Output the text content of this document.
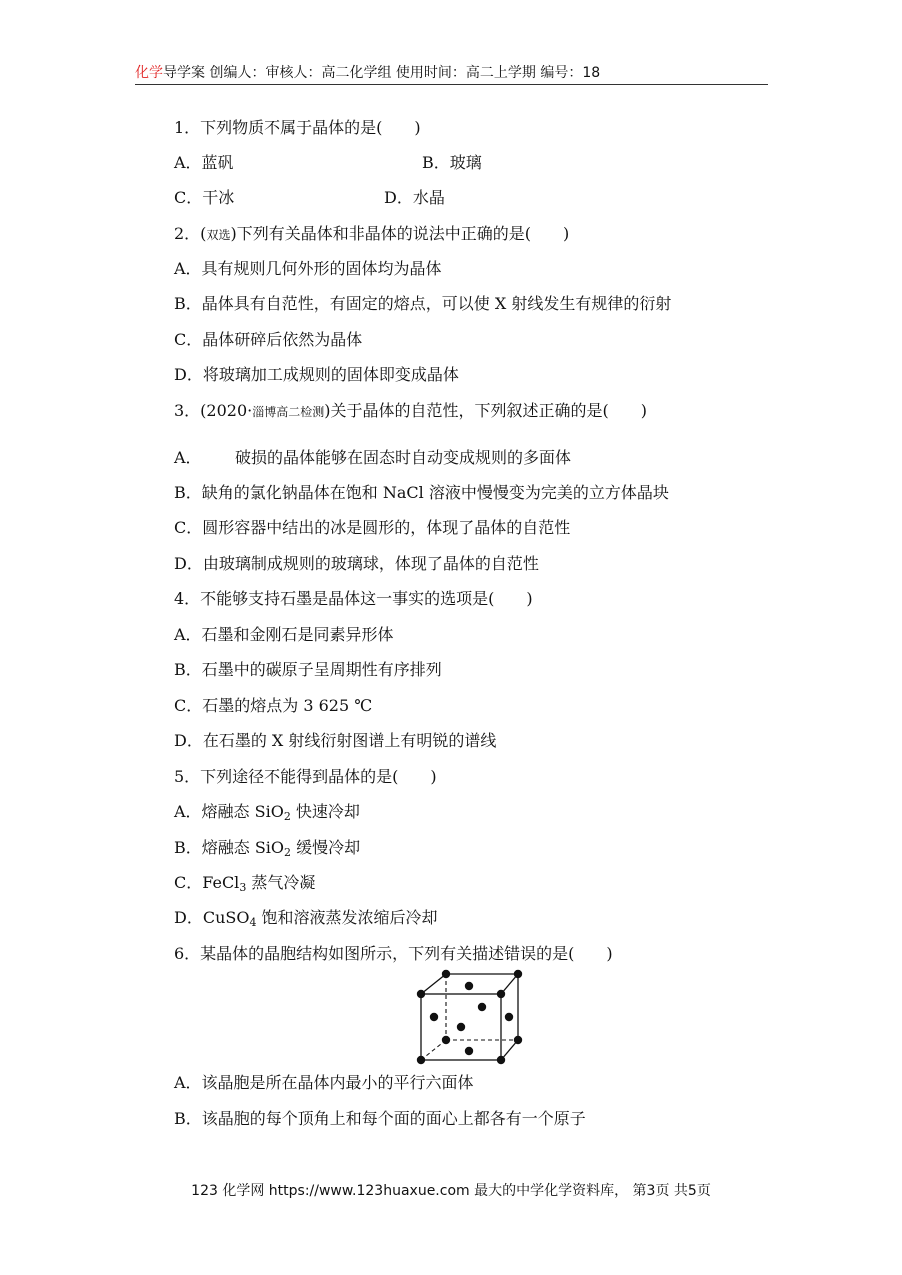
化学导学案 创编人：审核人：高二化学组 使用时间：高二上学期 编号：18
1．下列物质不属于晶体的是(　　)
A．蓝矾	B．玻璃
C．干冰	D．水晶
2．(双选)下列有关晶体和非晶体的说法中正确的是(　　)
A．具有规则几何外形的固体均为晶体
B．晶体具有自范性，有固定的熔点，可以使 X 射线发生有规律的衍射
C．晶体研碎后依然为晶体
D．将玻璃加工成规则的固体即变成晶体
3．(2020·淄博高二检测)关于晶体的自范性，下列叙述正确的是(　　)
A． 破损的晶体能够在固态时自动变成规则的多面体
B．缺角的氯化钠晶体在饱和 NaCl 溶液中慢慢变为完美的立方体晶块
C．圆形容器中结出的冰是圆形的，体现了晶体的自范性
D．由玻璃制成规则的玻璃球，体现了晶体的自范性
4．不能够支持石墨是晶体这一事实的选项是(　　)
A．石墨和金刚石是同素异形体
B．石墨中的碳原子呈周期性有序排列
C．石墨的熔点为 3 625 ℃
D．在石墨的 X 射线衍射图谱上有明锐的谱线
5．下列途径不能得到晶体的是(　　)
A．熔融态 SiO$_2$ 快速冷却
B．熔融态 SiO$_2$ 缓慢冷却
C．FeCl$_3$ 蒸气冷凝
D．CuSO$_4$ 饱和溶液蒸发浓缩后冷却
6．某晶体的晶胞结构如图所示，下列有关描述错误的是(　　)
A．该晶胞是所在晶体内最小的平行六面体
B．该晶胞的每个顶角上和每个面的面心上都各有一个原子
123 化学网 https://www.123huaxue.com 最大的中学化学资料库， 第3页 共5页
